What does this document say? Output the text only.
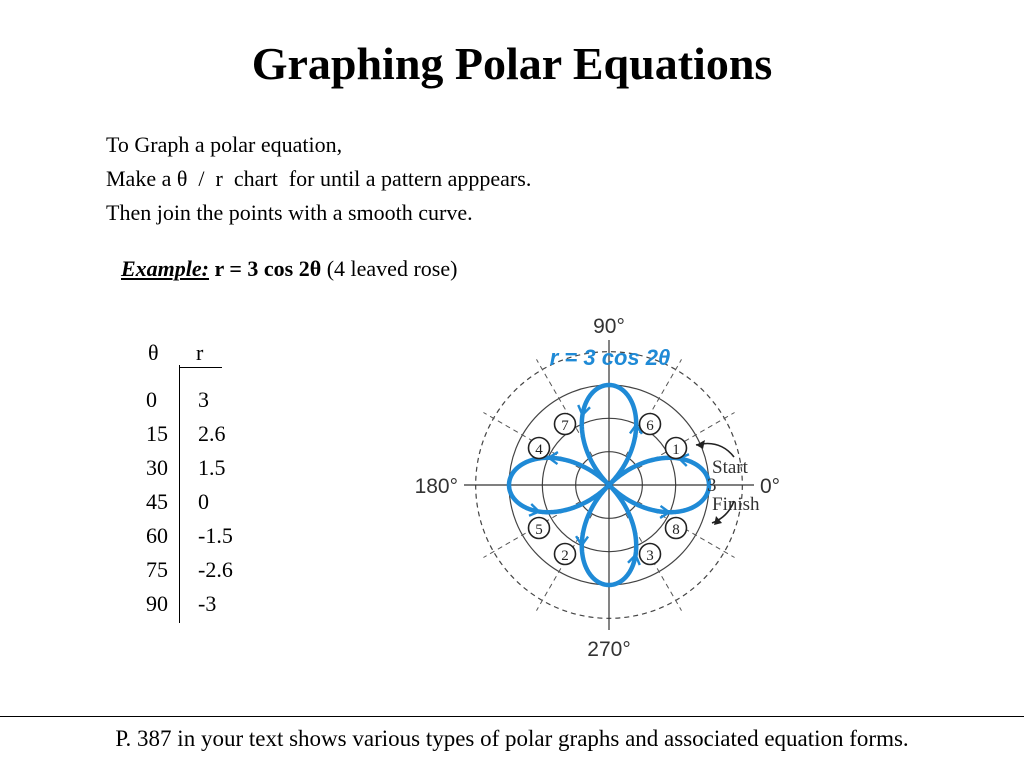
Graphing Polar Equations
To Graph a polar equation,
Make a θ  /  r  chart  for until a pattern apppears.
Then join the points with a smooth curve.
Example: r = 3 cos 2θ (4 leaved rose)
θ r
0 3
15 2.6
30 1.5
45 0
60 -1.5
75 -2.6
90 -3
7	6
4	1
5	8
2	3
90°
180°	0°
270°
r = 3 cos 2θ
Start
Finish
3
P. 387 in your text shows various types of polar graphs and associated equation forms.
